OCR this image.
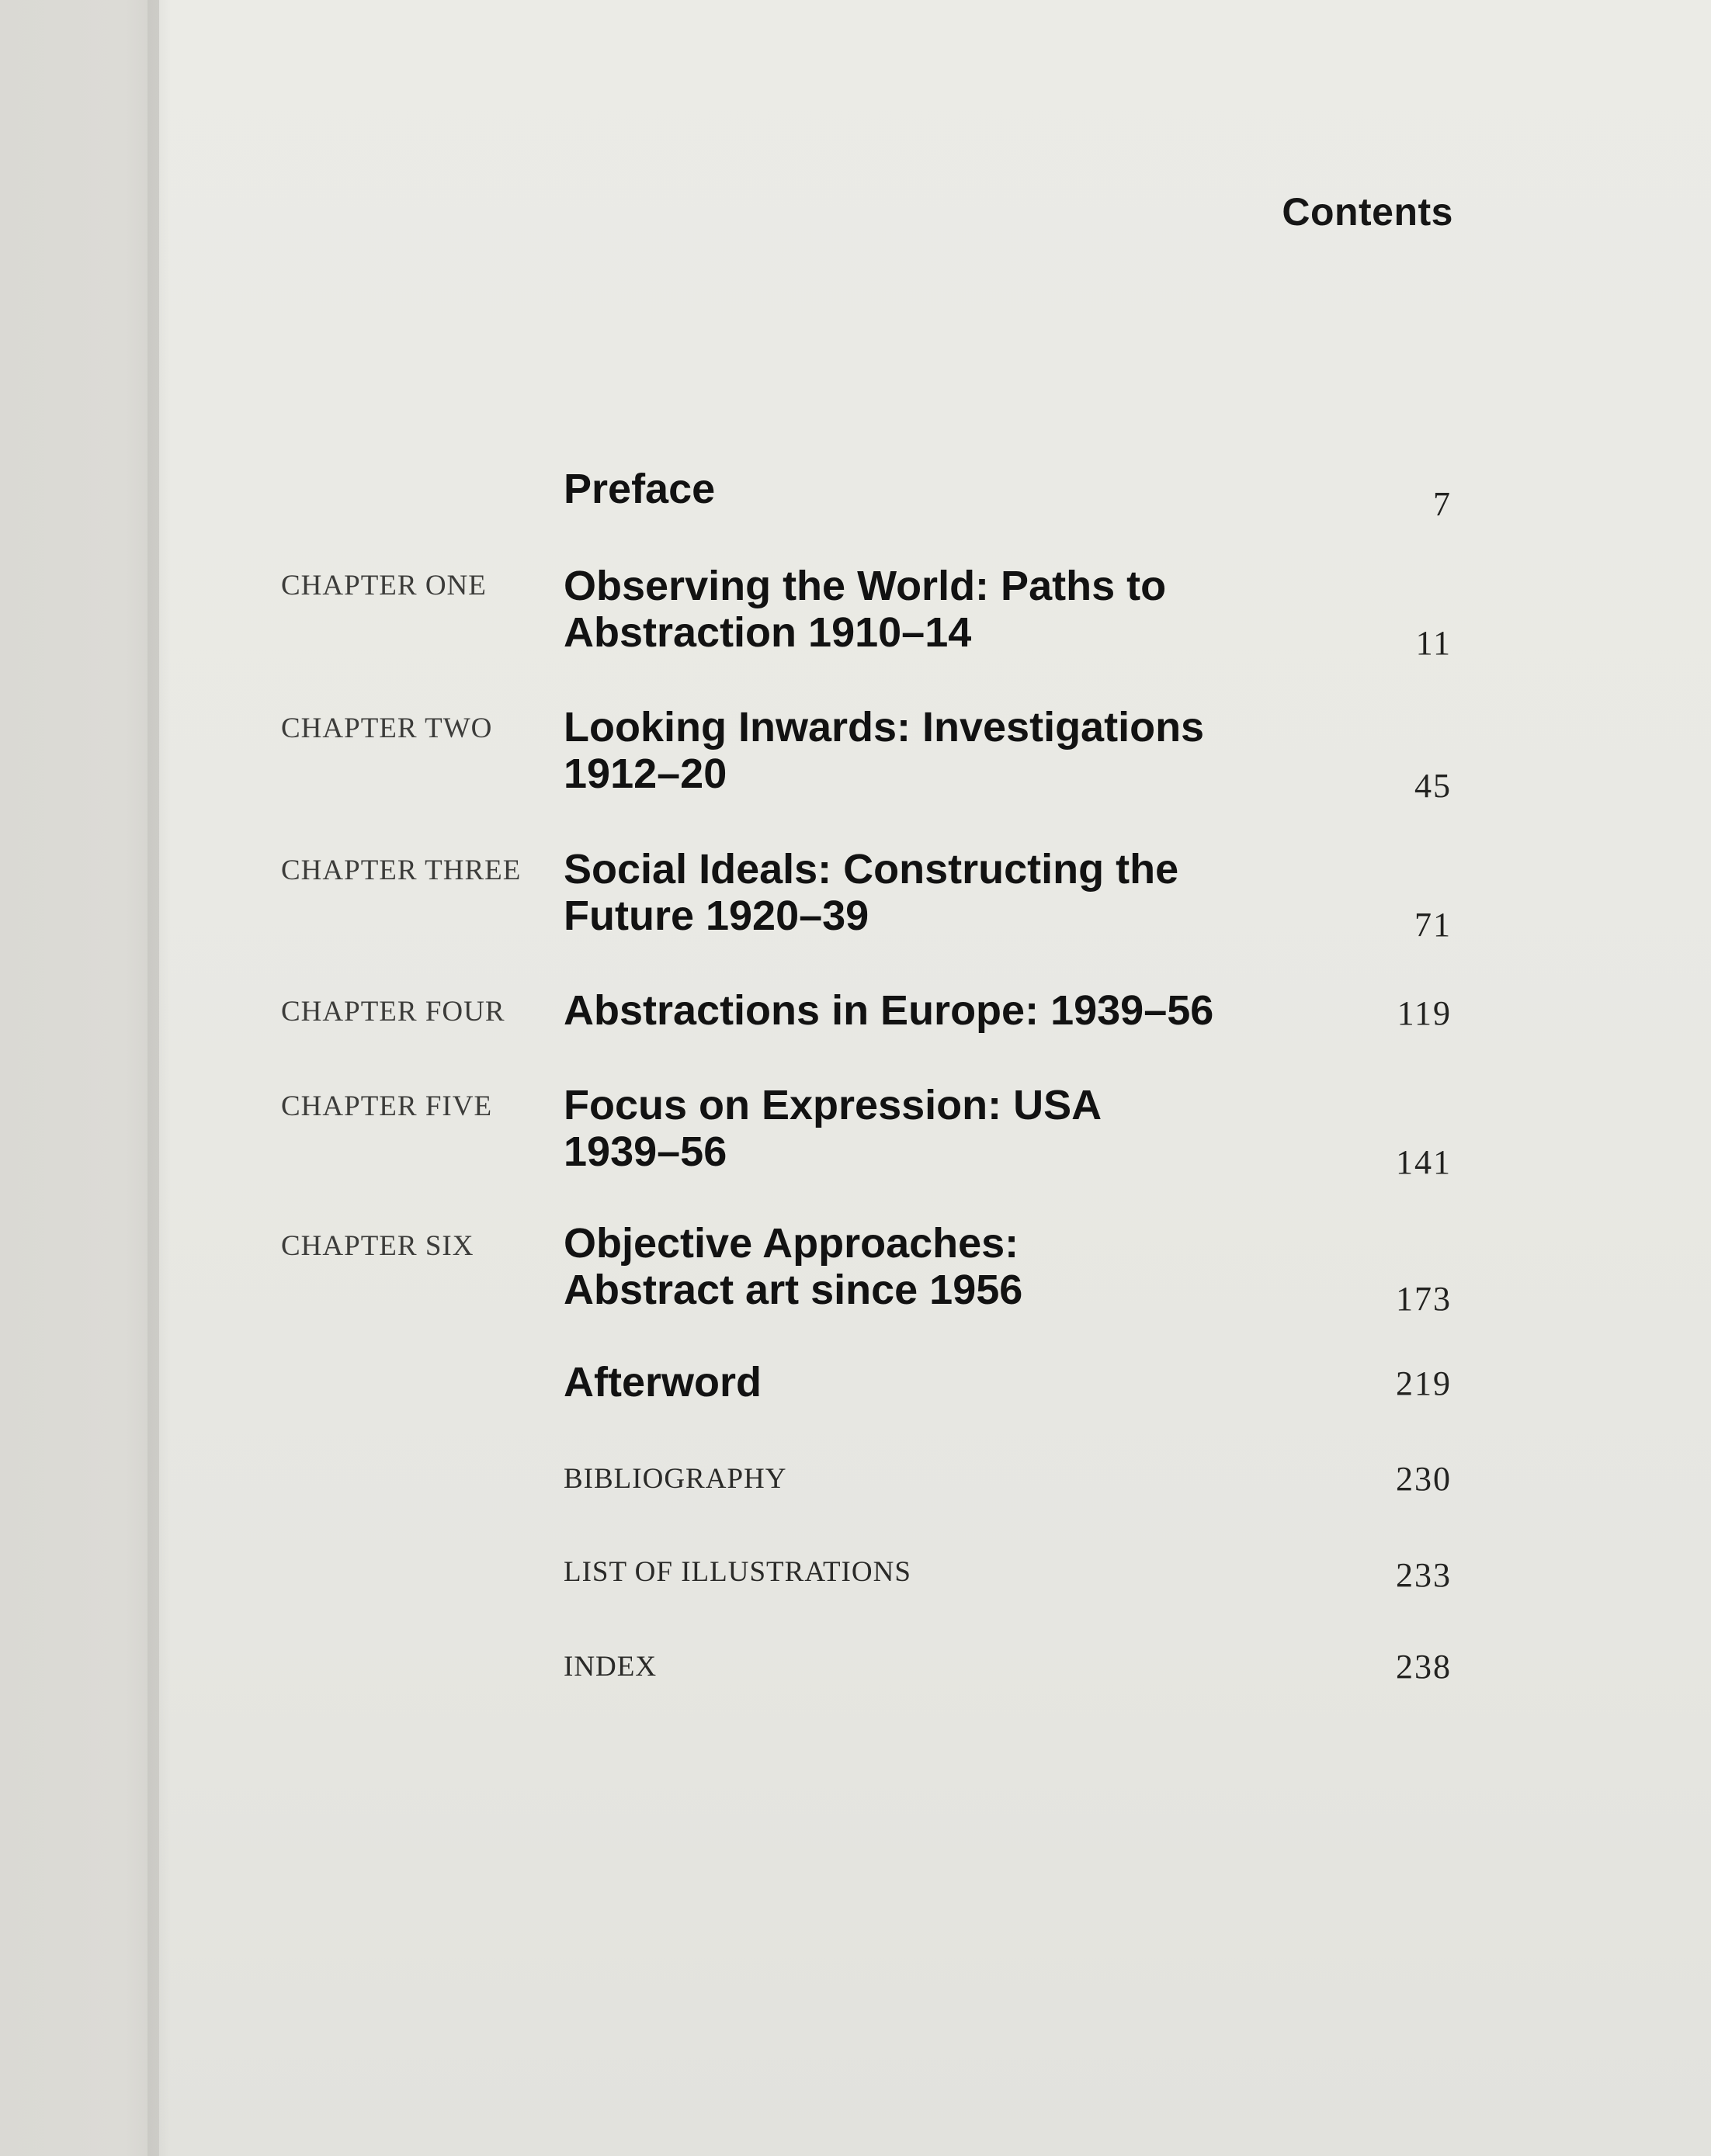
Contents
Preface	7
CHAPTER ONE Observing the World: Paths to Abstraction 1910–14	11
CHAPTER TWO Looking Inwards: Investigations 1912–20	45
CHAPTER THREE Social Ideals: Constructing the Future 1920–39	71
CHAPTER FOUR Abstractions in Europe: 1939–56	119
CHAPTER FIVE Focus on Expression: USA 1939–56	141
CHAPTER SIX Objective Approaches: Abstract art since 1956	173
Afterword	219
BIBLIOGRAPHY	230
LIST OF ILLUSTRATIONS	233
INDEX	238
